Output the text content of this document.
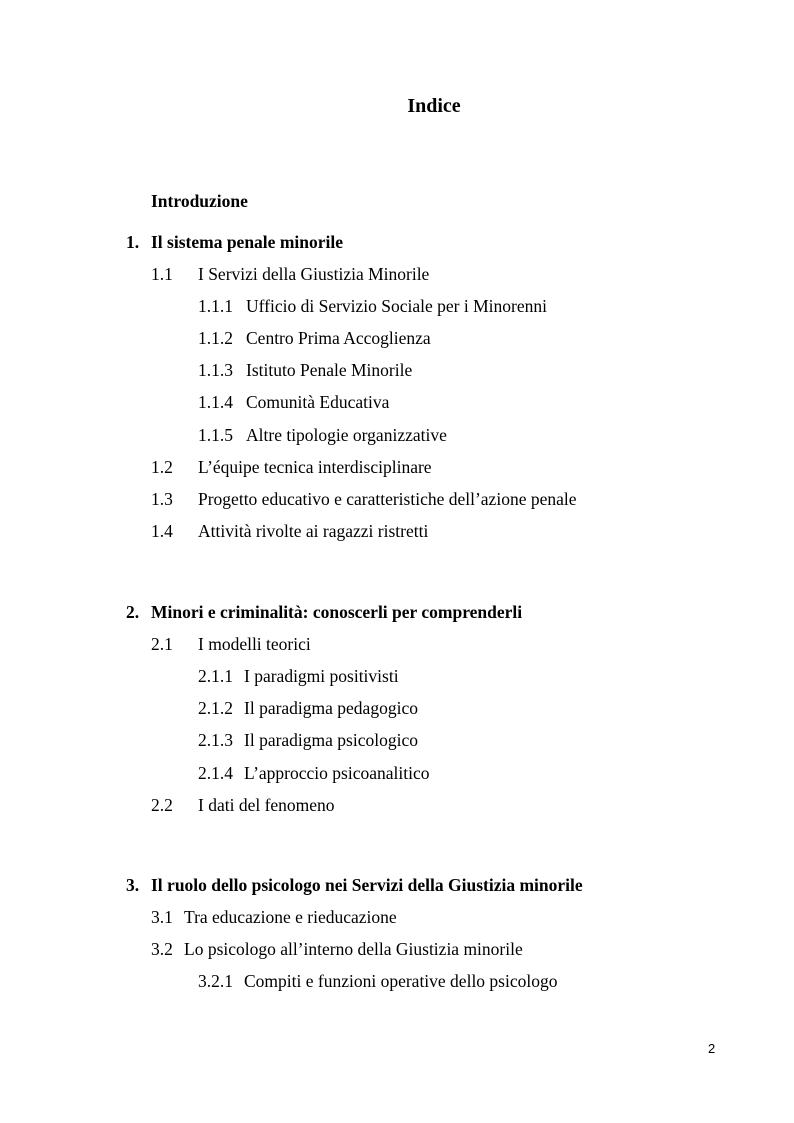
Indice
Introduzione
1. Il sistema penale minorile
1.1 I Servizi della Giustizia Minorile
1.1.1 Ufficio di Servizio Sociale per i Minorenni
1.1.2 Centro Prima Accoglienza
1.1.3 Istituto Penale Minorile
1.1.4 Comunità Educativa
1.1.5 Altre tipologie organizzative
1.2 L’équipe tecnica interdisciplinare
1.3 Progetto educativo e caratteristiche dell’azione penale
1.4 Attività rivolte ai ragazzi ristretti
2. Minori e criminalità: conoscerli per comprenderli
2.1 I modelli teorici
2.1.1 I paradigmi positivisti
2.1.2 Il paradigma pedagogico
2.1.3 Il paradigma psicologico
2.1.4 L’approccio psicoanalitico
2.2 I dati del fenomeno
3. Il ruolo dello psicologo nei Servizi della Giustizia minorile
3.1 Tra educazione e rieducazione
3.2 Lo psicologo all’interno della Giustizia minorile
3.2.1 Compiti e funzioni operative dello psicologo
2
